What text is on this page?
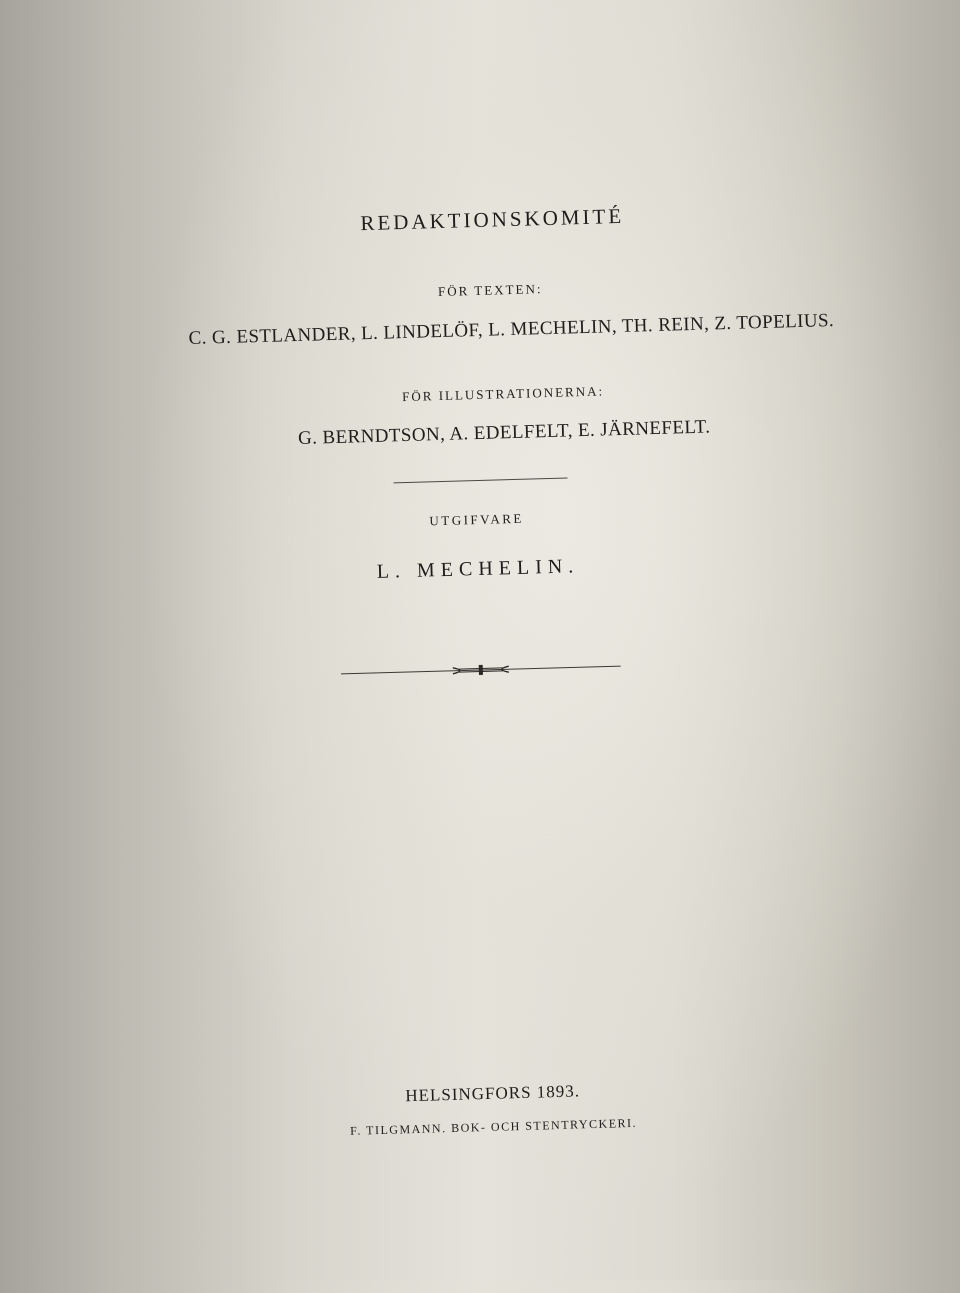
REDAKTIONSKOMITÉ
FÖR TEXTEN:
C. G. ESTLANDER, L. LINDELÖF, L. MECHELIN, TH. REIN, Z. TOPELIUS.
FÖR ILLUSTRATIONERNA:
G. BERNDTSON, A. EDELFELT, E. JÄRNEFELT.
UTGIFVARE
L. MECHELIN.
HELSINGFORS 1893.
F. TILGMANN. BOK- OCH STENTRYCKERI.
